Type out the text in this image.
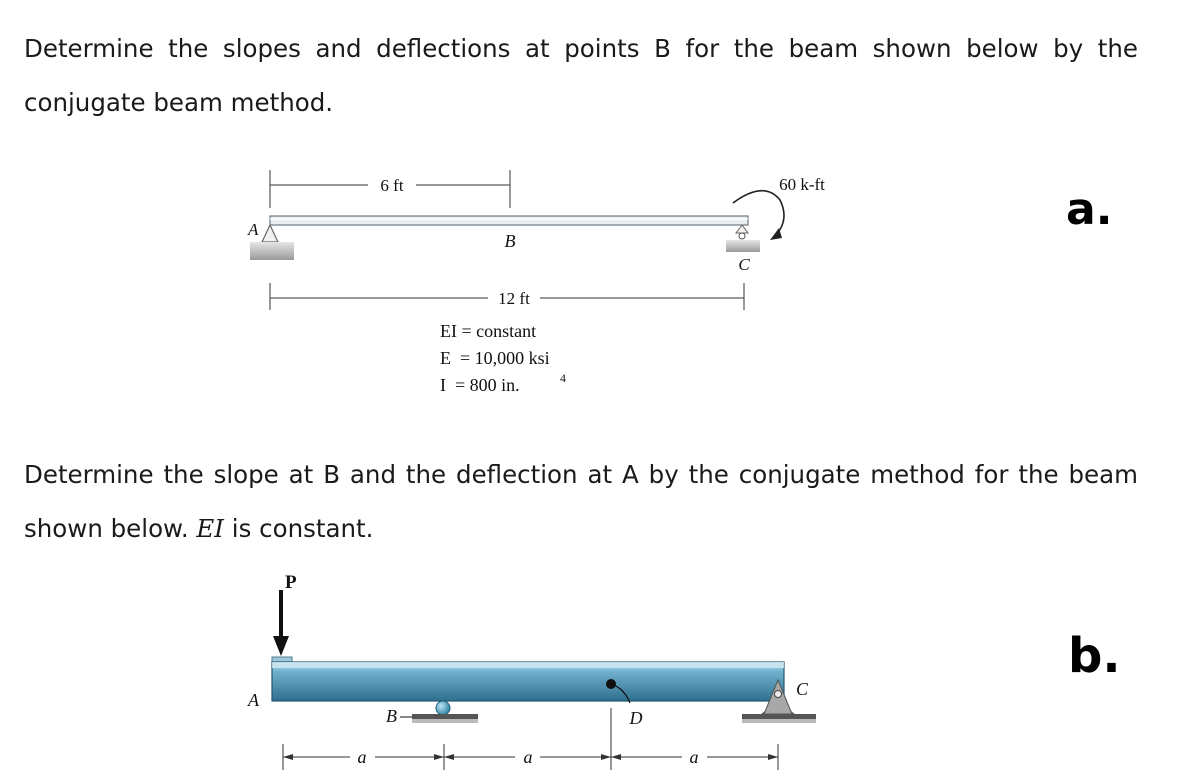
Determine the slopes and deflections at points B for the beam shown below by the
conjugate beam method.

Determine the slope at B and the deflection at A by the conjugate method for the beam
shown below. EI is constant.

6 ft
A
B
C
60 k-ft
12 ft
EI = constant
E  = 10,000 ksi
I  = 800 in.	4
a.
P
A
B	D
C
a	a	a
b.
